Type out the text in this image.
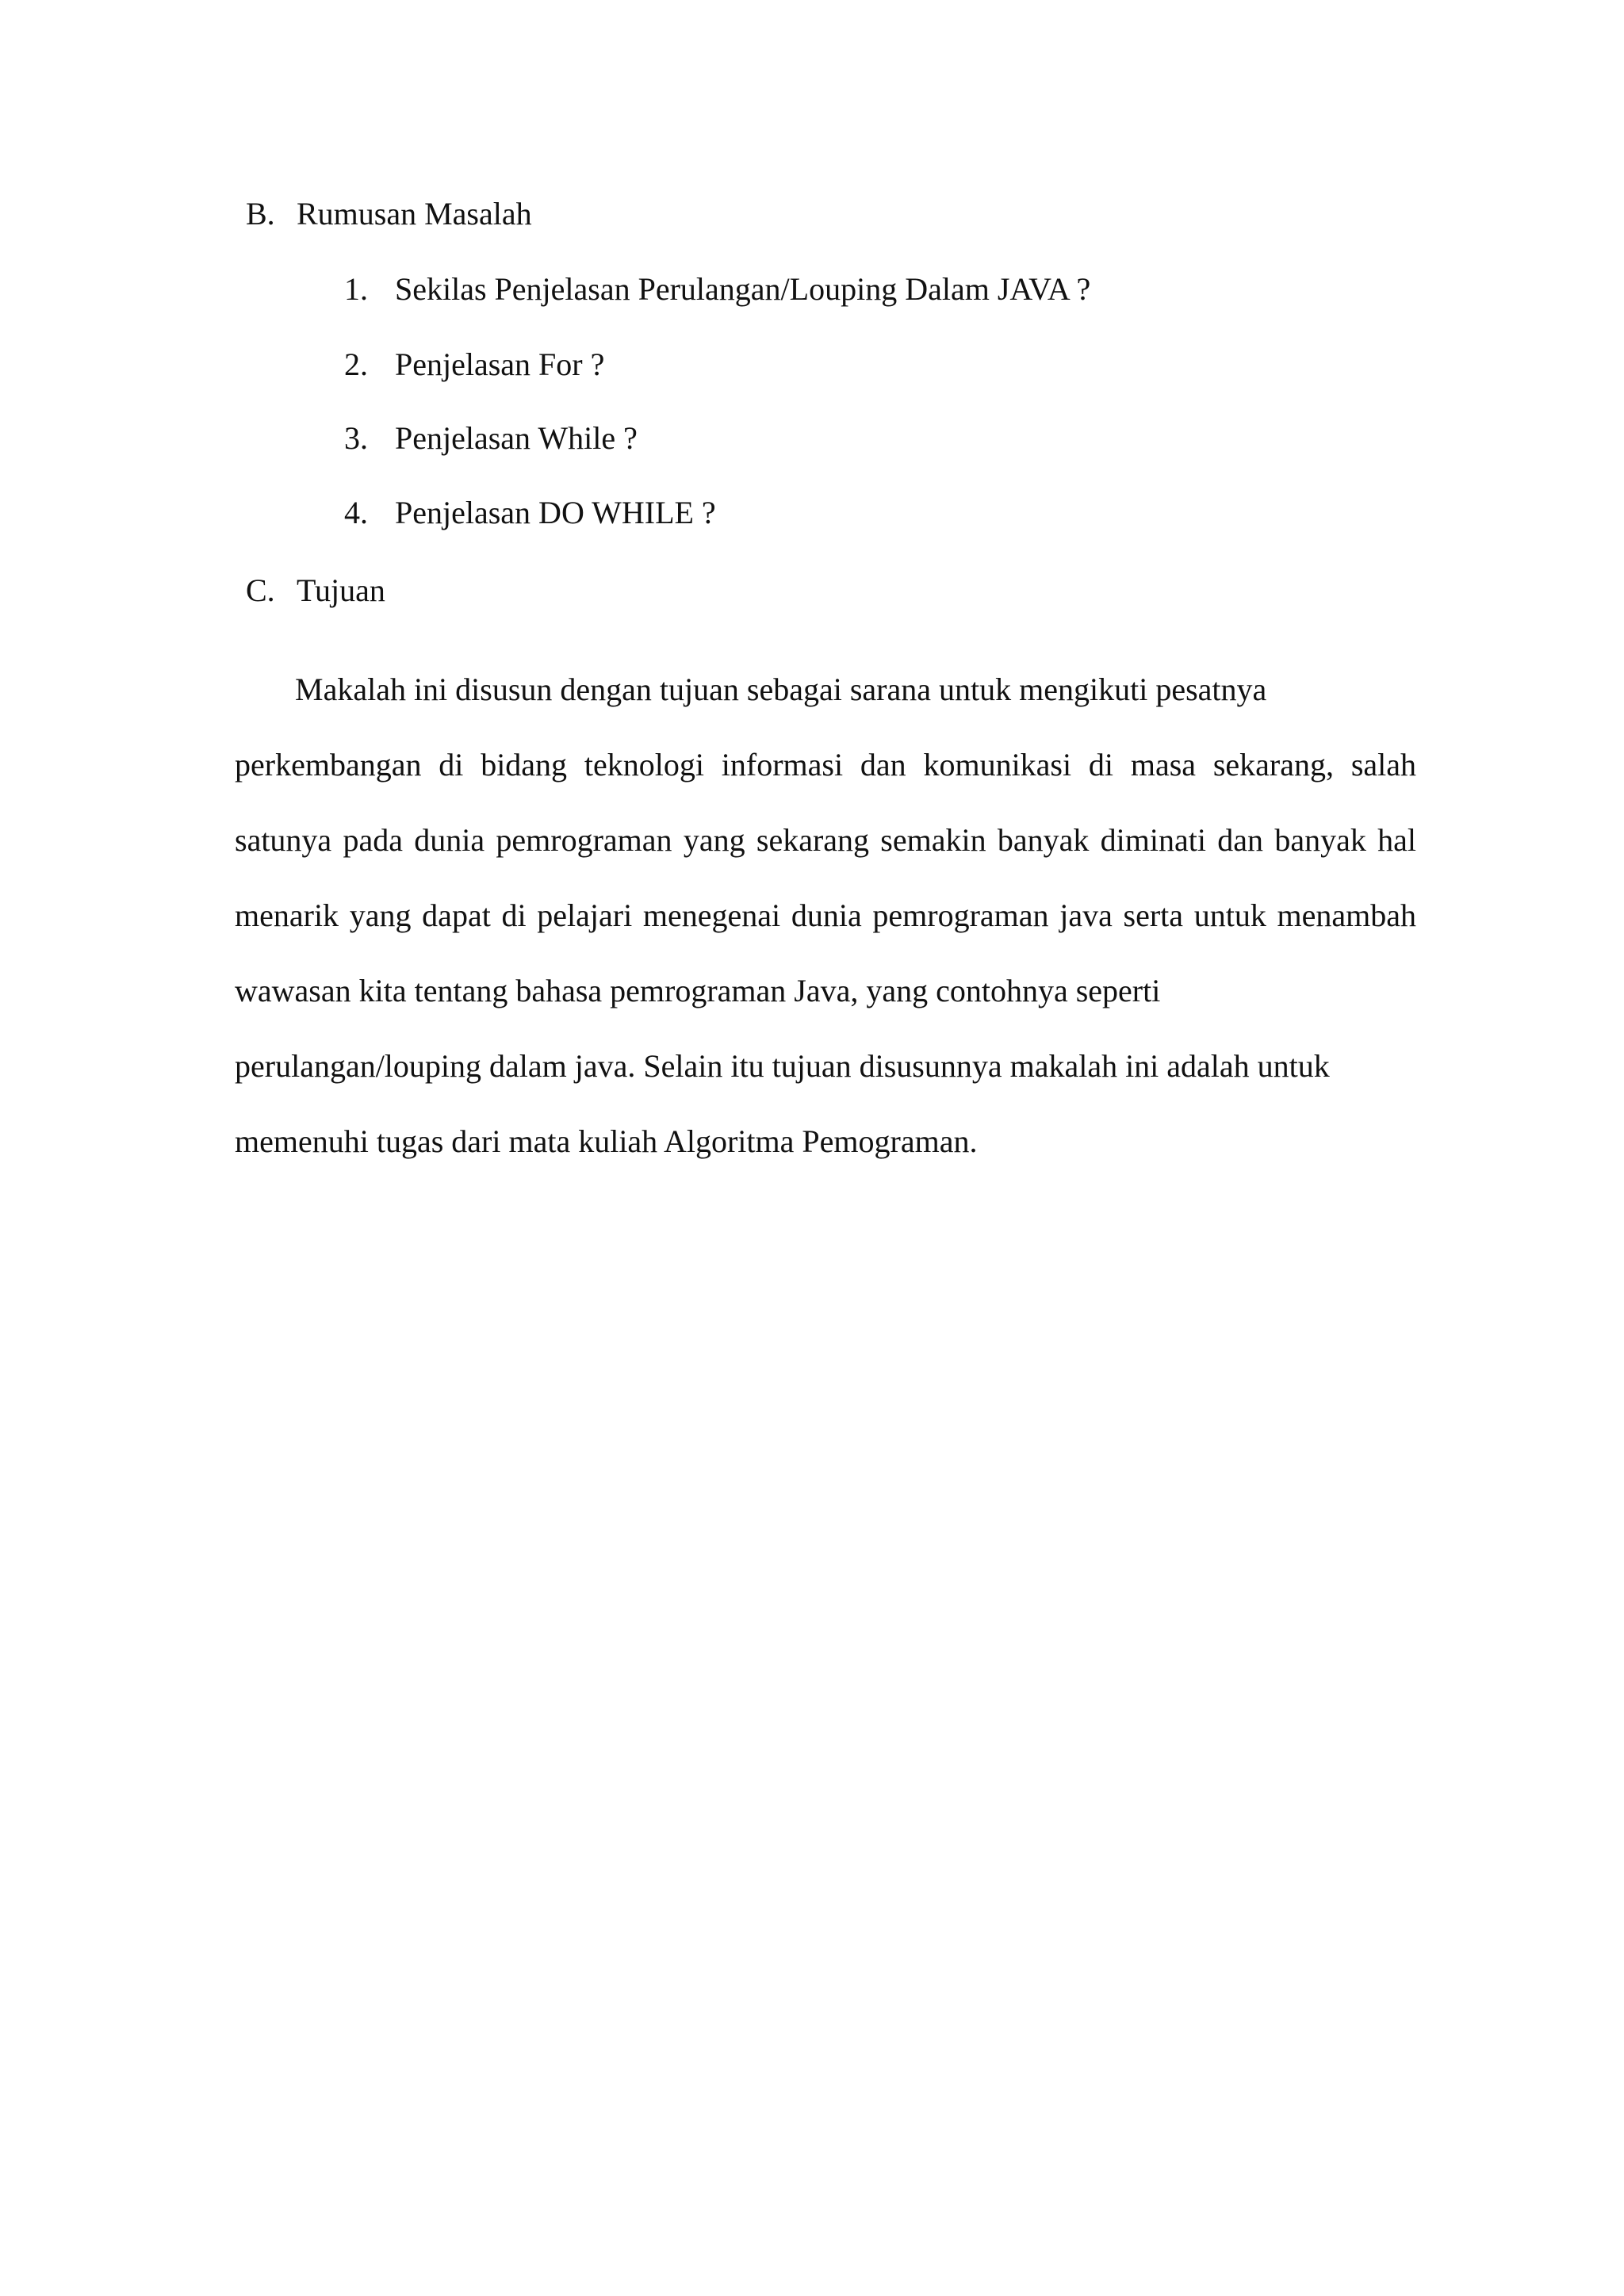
B. Rumusan Masalah
1. Sekilas Penjelasan Perulangan/Louping Dalam JAVA ?
2. Penjelasan For ?
3. Penjelasan While ?
4. Penjelasan DO WHILE ?
C. Tujuan
Makalah ini disusun dengan tujuan sebagai sarana untuk mengikuti pesatnya
perkembangan di bidang teknologi informasi dan komunikasi di masa sekarang, salah
satunya pada dunia pemrograman yang sekarang semakin banyak diminati dan banyak hal
menarik yang dapat di pelajari menegenai dunia pemrograman java serta untuk menambah
wawasan kita tentang bahasa pemrograman Java, yang contohnya seperti
perulangan/louping dalam java. Selain itu tujuan disusunnya makalah ini adalah untuk
memenuhi tugas dari mata kuliah Algoritma Pemograman.
